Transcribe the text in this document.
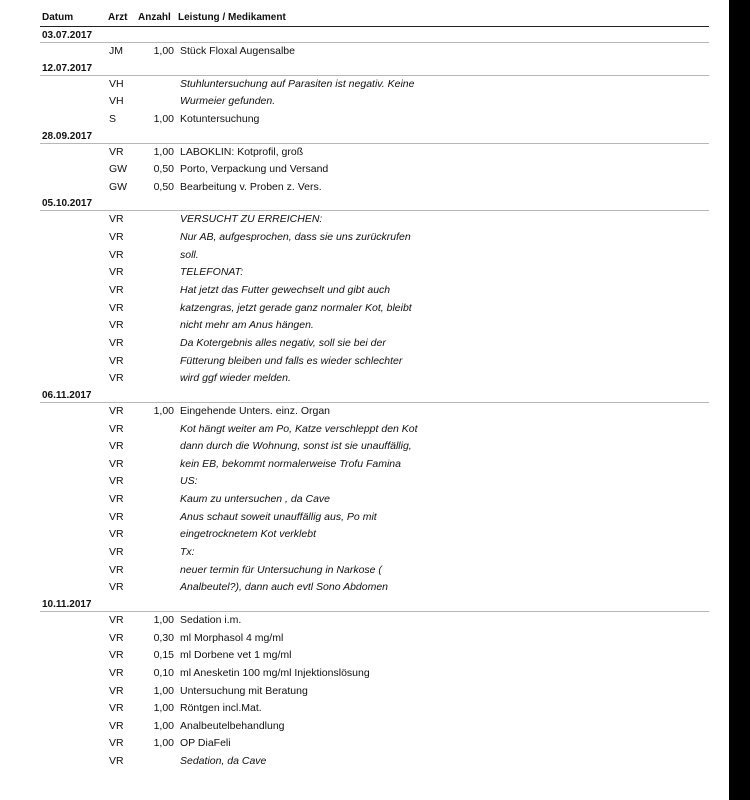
Datum	Arzt Anzahl Leistung / Medikament
03.07.2017
JM	1,00 Stück Floxal Augensalbe
12.07.2017
VH	Stuhluntersuchung auf Parasiten ist negativ. Keine
VH	Wurmeier gefunden.
S	1,00 Kotuntersuchung
28.09.2017
VR	1,00 LABOKLIN: Kotprofil, groß
GW	0,50 Porto, Verpackung und Versand
GW	0,50 Bearbeitung v. Proben z. Vers.
05.10.2017
VR	VERSUCHT ZU ERREICHEN:
VR	Nur AB, aufgesprochen, dass sie uns zurückrufen
VR	soll.
VR	TELEFONAT:
VR	Hat jetzt das Futter gewechselt und gibt auch
VR	katzengras, jetzt gerade ganz normaler Kot, bleibt
VR	nicht mehr am Anus hängen.
VR	Da Kotergebnis alles negativ, soll sie bei der
VR	Fütterung bleiben und falls es wieder schlechter
VR	wird ggf wieder melden.
06.11.2017
VR	1,00 Eingehende Unters. einz. Organ
VR	Kot hängt weiter am Po, Katze verschleppt den Kot
VR	dann durch die Wohnung, sonst ist sie unauffällig,
VR	kein EB, bekommt normalerweise Trofu Famina
VR	US:
VR	Kaum zu untersuchen , da Cave
VR	Anus schaut soweit unauffällig aus, Po mit
VR	eingetrocknetem Kot verklebt
VR	Tx:
VR	neuer termin für Untersuchung in Narkose (
VR	Analbeutel?), dann auch evtl Sono Abdomen
10.11.2017
VR	1,00 Sedation i.m.
VR	0,30 ml Morphasol 4 mg/ml
VR	0,15 ml Dorbene vet 1 mg/ml
VR	0,10 ml Anesketin 100 mg/ml Injektionslösung
VR	1,00 Untersuchung mit Beratung
VR	1,00 Röntgen incl.Mat.
VR	1,00 Analbeutelbehandlung
VR	1,00 OP DiaFeli
VR	Sedation, da Cave
